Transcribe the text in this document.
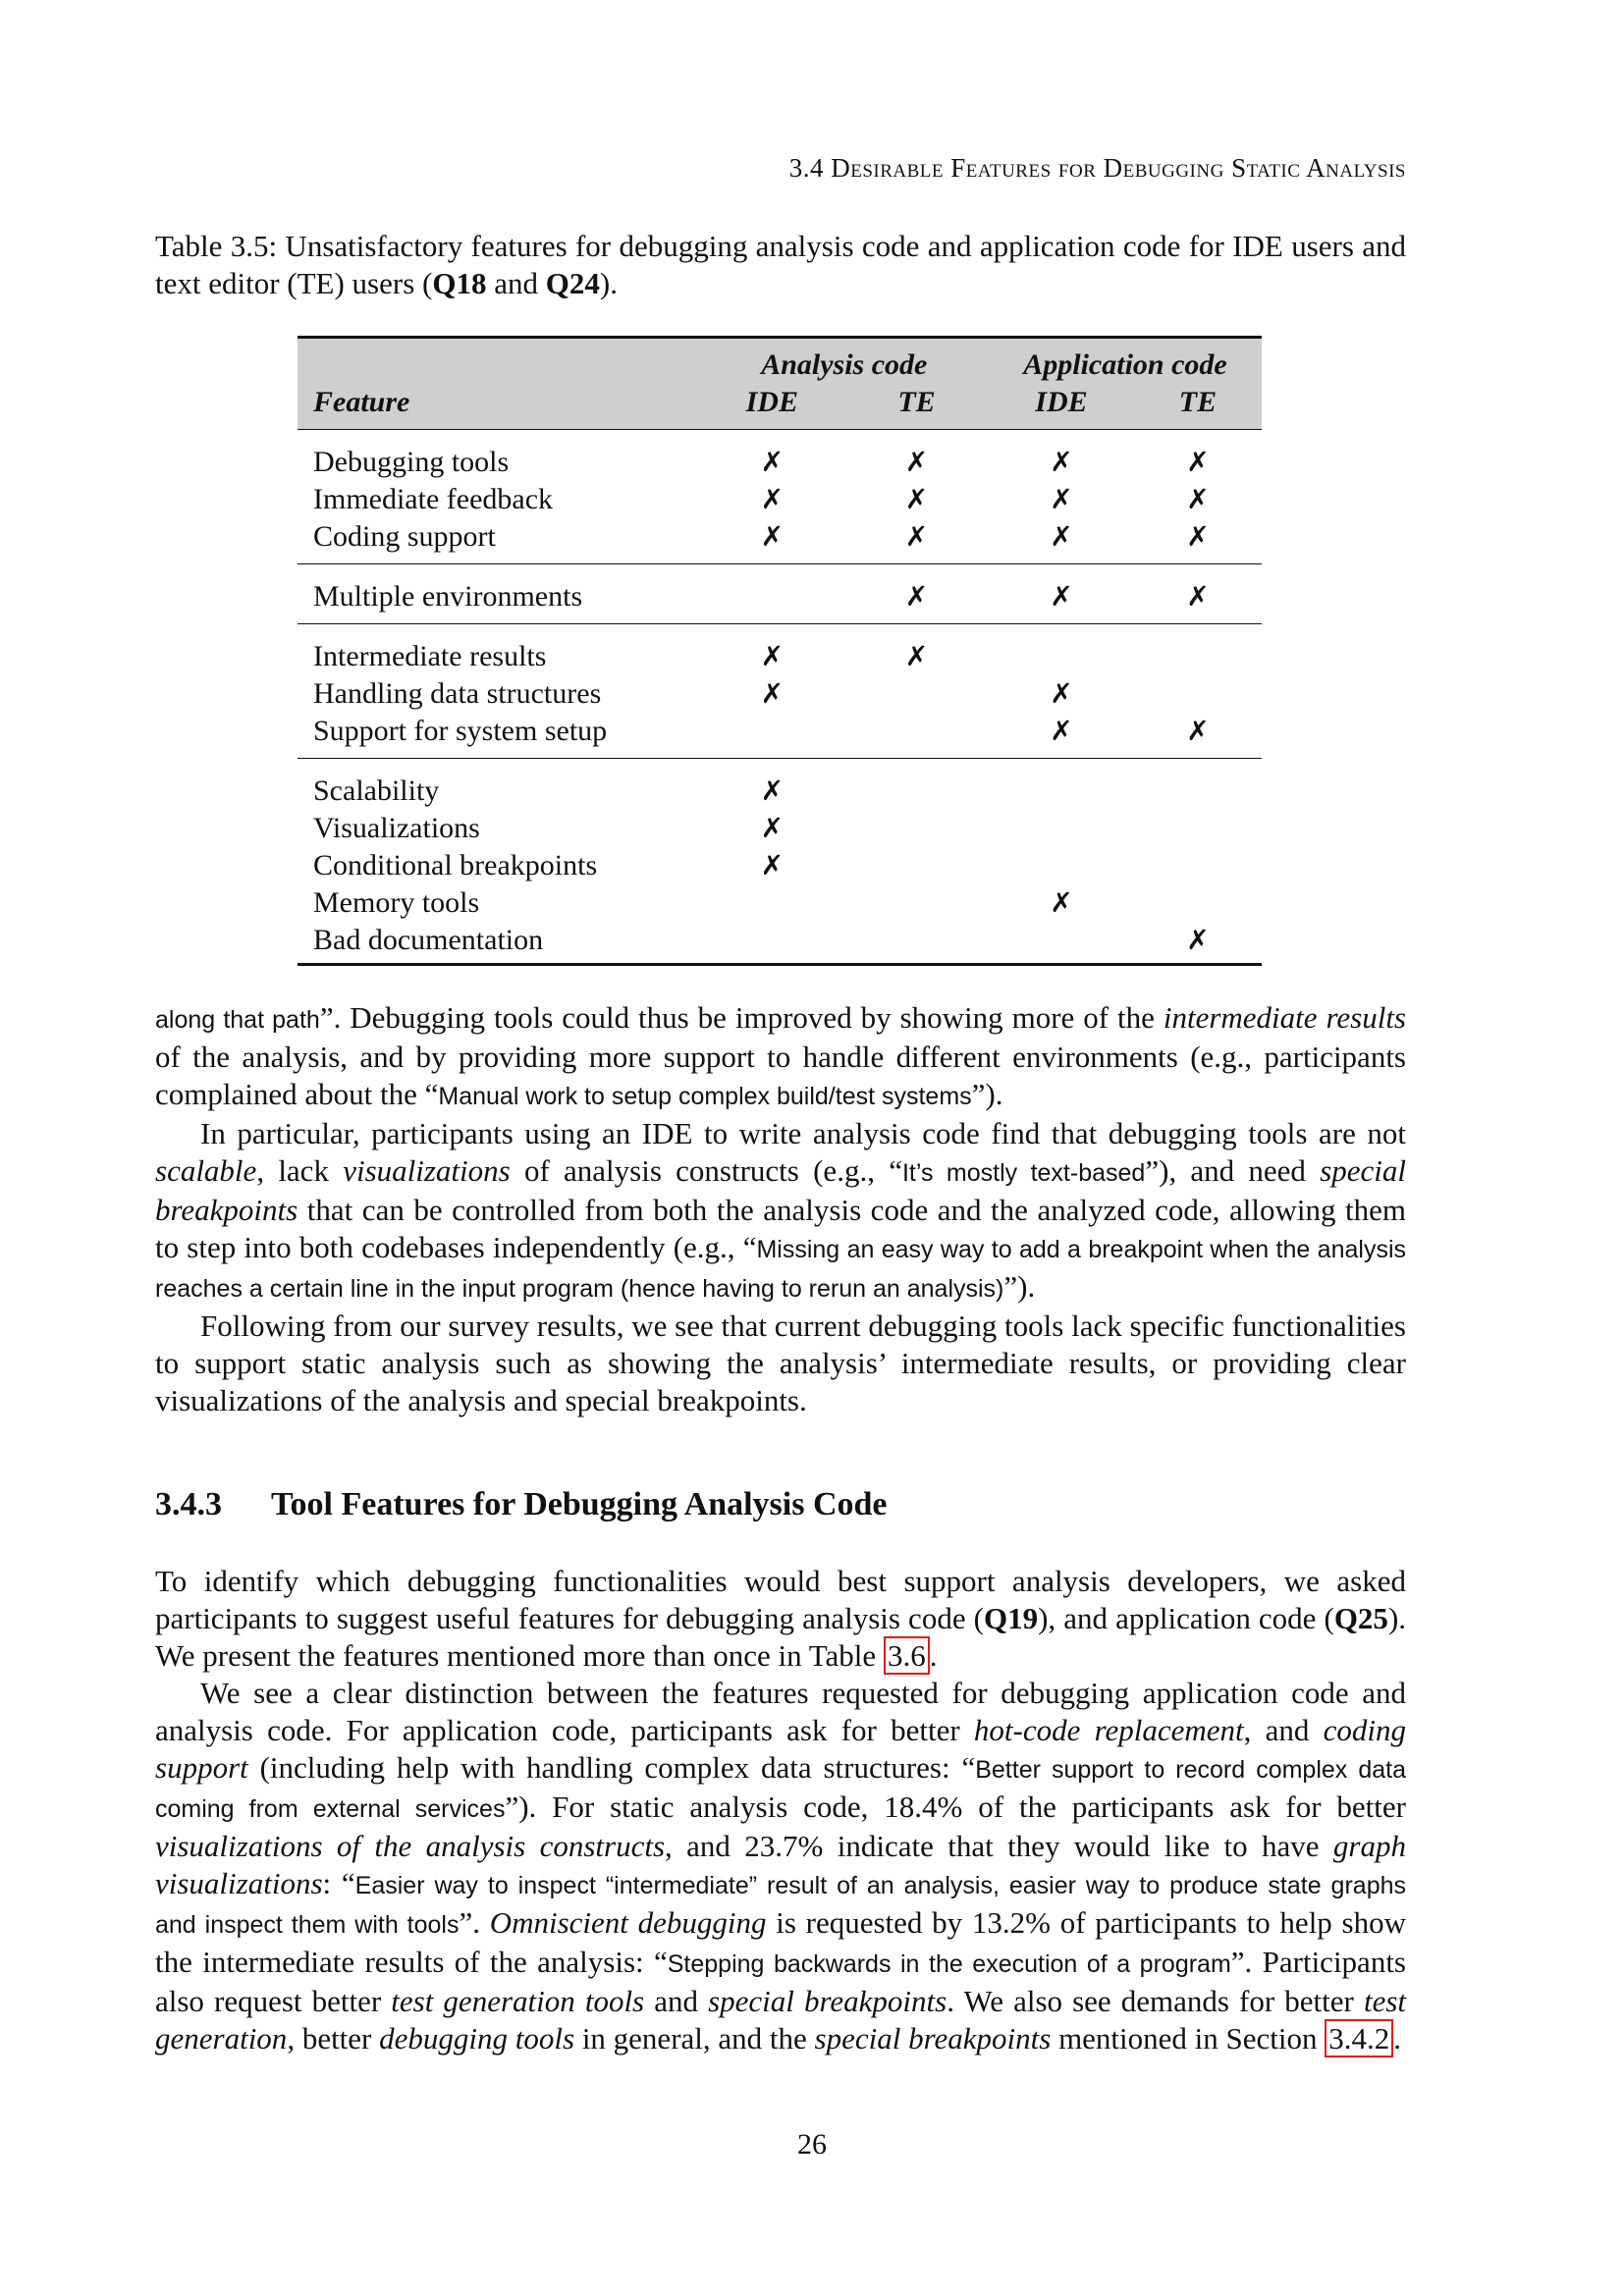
3.4 Desirable Features for Debugging Static Analysis
Table 3.5: Unsatisfactory features for debugging analysis code and application code for IDE users and text editor (TE) users (Q18 and Q24).
	Analysis code		Application code	
Feature	IDE	TE	IDE	TE
Debugging tools	✗	✗	✗	✗
Immediate feedback	✗	✗	✗	✗
Coding support	✗	✗	✗	✗
Multiple environments		✗	✗	✗
Intermediate results	✗	✗		
Handling data structures	✗		✗	
Support for system setup			✗	✗
Scalability	✗			
Visualizations	✗			
Conditional breakpoints	✗			
Memory tools			✗	
Bad documentation				✗

along that path”. Debugging tools could thus be improved by showing more of the intermediate results of the analysis, and by providing more support to handle different environments (e.g., participants complained about the “Manual work to setup complex build/test systems”).

In particular, participants using an IDE to write analysis code find that debugging tools are not scalable, lack visualizations of analysis constructs (e.g., “It’s mostly text-based”), and need special breakpoints that can be controlled from both the analysis code and the analyzed code, allowing them to step into both codebases independently (e.g., “Missing an easy way to add a breakpoint when the analysis reaches a certain line in the input program (hence having to rerun an analysis)”).

Following from our survey results, we see that current debugging tools lack specific functionalities to support static analysis such as showing the analysis’ intermediate results, or providing clear visualizations of the analysis and special breakpoints.

3.4.3 Tool Features for Debugging Analysis Code

To identify which debugging functionalities would best support analysis developers, we asked participants to suggest useful features for debugging analysis code (Q19), and application code (Q25). We present the features mentioned more than once in Table 3.6 .

We see a clear distinction between the features requested for debugging application code and analysis code. For application code, participants ask for better hot-code replacement, and coding support (including help with handling complex data structures: “Better support to record complex data coming from external services”). For static analysis code, 18.4% of the participants ask for better visualizations of the analysis constructs, and 23.7% indicate that they would like to have graph visualizations: “Easier way to inspect “intermediate” result of an analysis, easier way to produce state graphs and inspect them with tools”. Omniscient debugging is requested by 13.2% of participants to help show the intermediate results of the analysis: “Stepping backwards in the execution of a program”. Participants also request better test generation tools and special breakpoints. We also see demands for better test generation, better debugging tools in general, and the special breakpoints mentioned in Section 3.4.2 .

26
